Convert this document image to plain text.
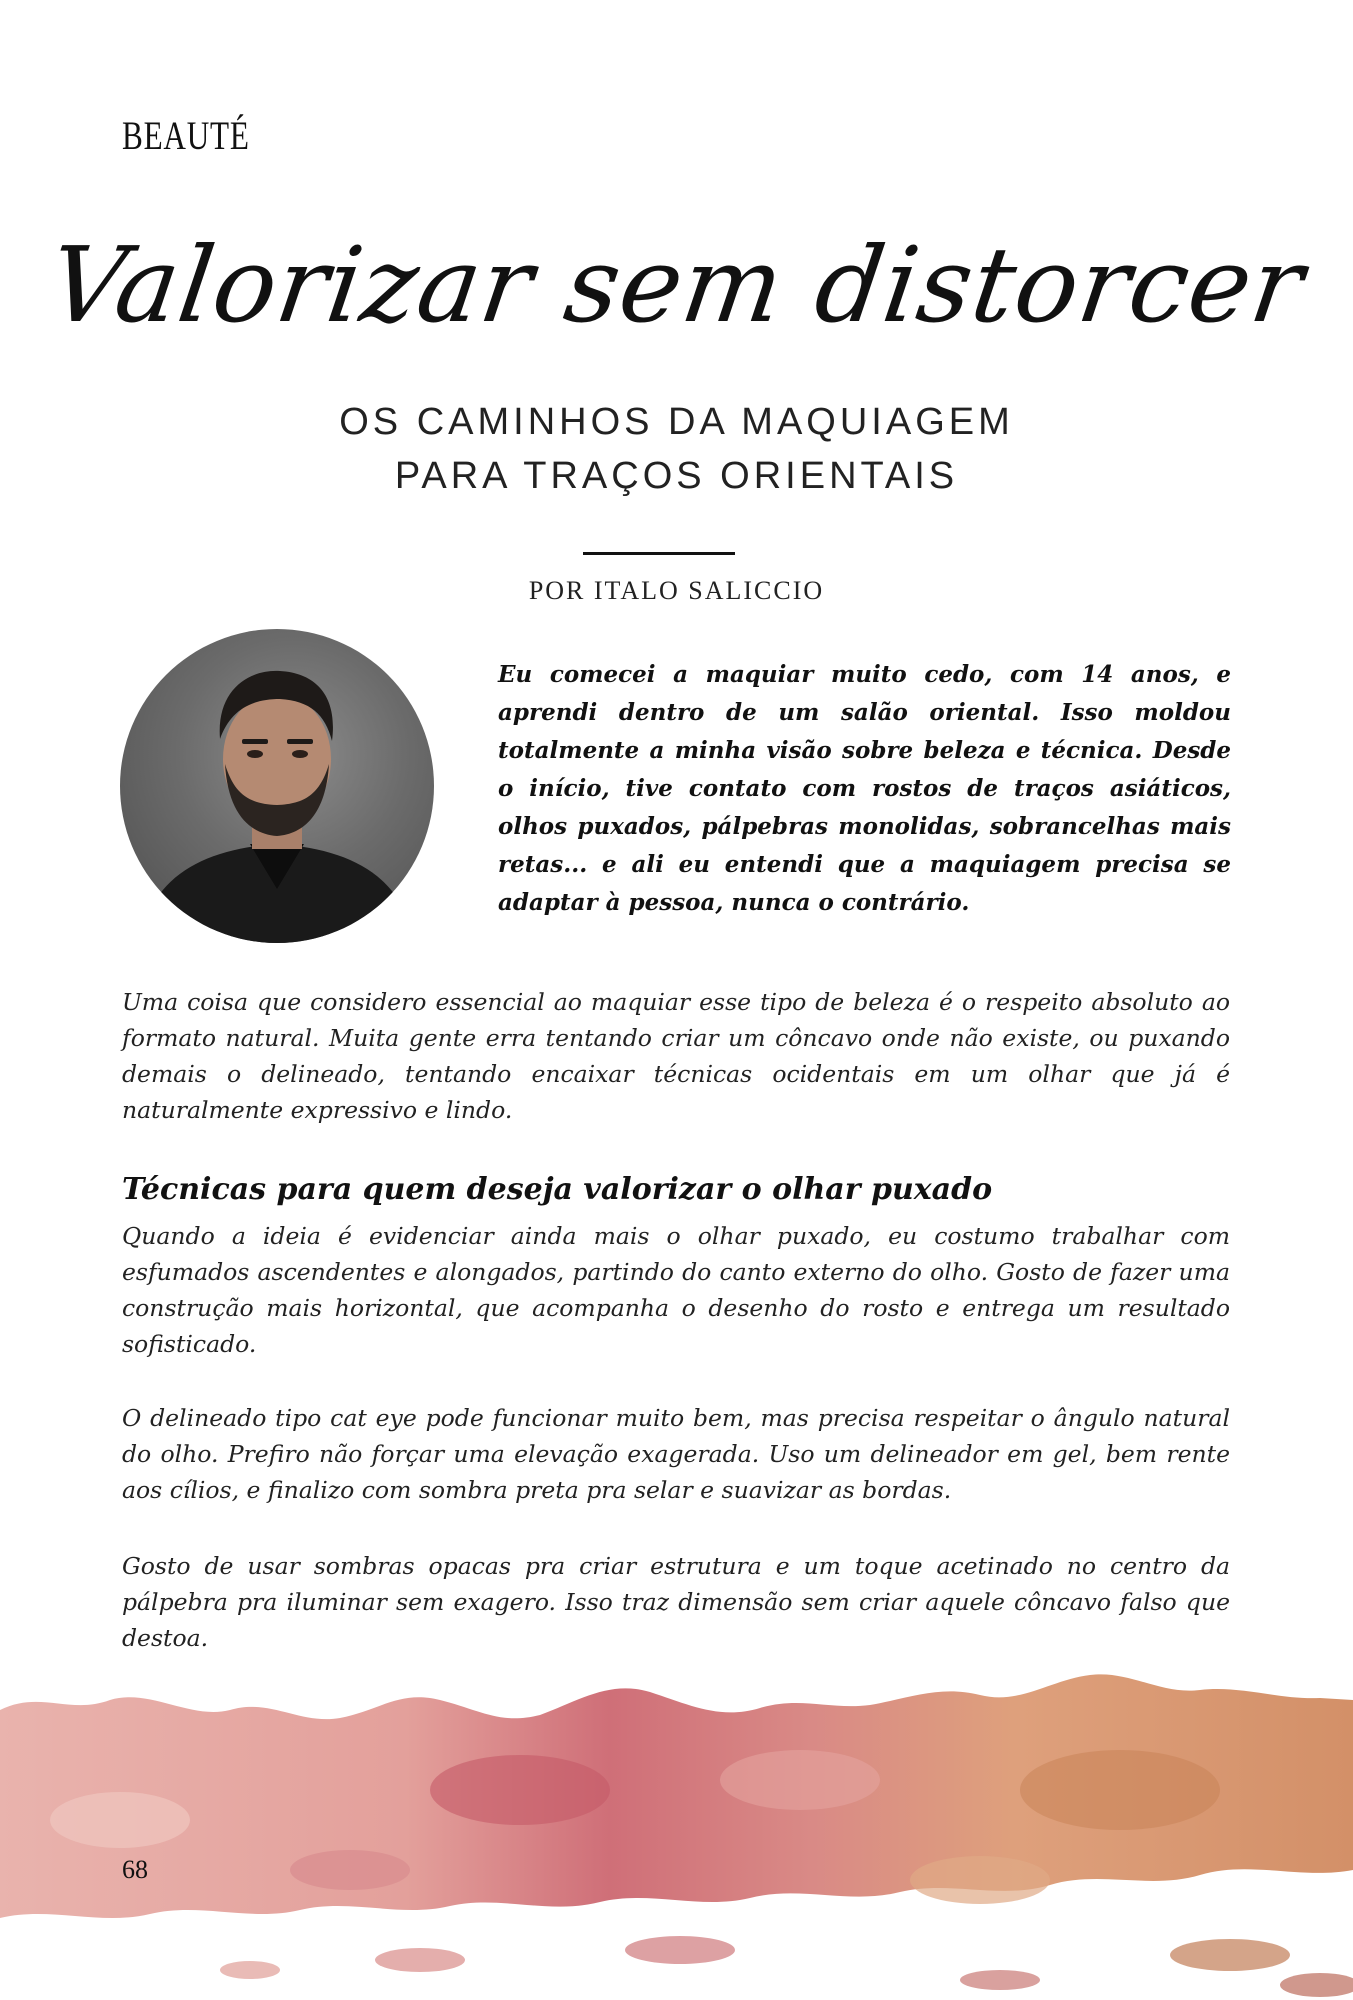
BEAUTÉ
Valorizar sem distorcer
OS CAMINHOS DA MAQUIAGEM
PARA TRAÇOS ORIENTAIS
POR ITALO SALICCIO
Eu comecei a maquiar muito cedo, com 14 anos, e aprendi dentro de um salão oriental. Isso moldou totalmente a minha visão sobre beleza e técnica. Desde o início, tive contato com rostos de traços asiáticos, olhos puxados, pálpebras monolidas, sobrancelhas mais retas... e ali eu entendi que a maquiagem precisa se adaptar à pessoa, nunca o contrário.
Uma coisa que considero essencial ao maquiar esse tipo de beleza é o respeito absoluto ao formato natural. Muita gente erra tentando criar um côncavo onde não existe, ou puxando demais o delineado, tentando encaixar técnicas ocidentais em um olhar que já é naturalmente expressivo e lindo.
Técnicas para quem deseja valorizar o olhar puxado
Quando a ideia é evidenciar ainda mais o olhar puxado, eu costumo trabalhar com esfumados ascendentes e alongados, partindo do canto externo do olho. Gosto de fazer uma construção mais horizontal, que acompanha o desenho do rosto e entrega um resultado sofisticado.
O delineado tipo cat eye pode funcionar muito bem, mas precisa respeitar o ângulo natural do olho. Prefiro não forçar uma elevação exagerada. Uso um delineador em gel, bem rente aos cílios, e finalizo com sombra preta pra selar e suavizar as bordas.
Gosto de usar sombras opacas pra criar estrutura e um toque acetinado no centro da pálpebra pra iluminar sem exagero. Isso traz dimensão sem criar aquele côncavo falso que destoa.
68
